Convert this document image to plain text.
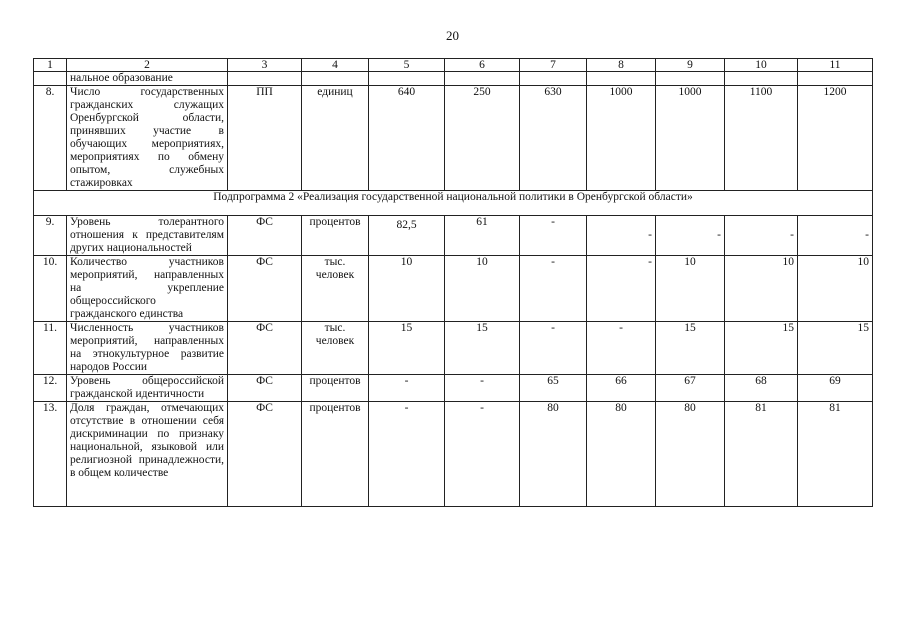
20
1	2	3	4	5	6	7	8	9	10	11
	нальное образование									
8.	Число государственных гражданских служащих Оренбургской области, принявших участие в обучающих мероприятиях, мероприятиях по обмену опытом, служебных стажировках	ПП	единиц	640	250	630	1000	1000	1100	1200
Подпрограмма 2 «Реализация государственной национальной политики в Оренбургской области»										
9.	Уровень толерантного отношения к представителям других национальностей	ФС	процентов	82,5	61	-	-	-	-	-
10.	Количество участников мероприятий, направленных на укрепление общероссийского гражданского единства	ФС	тыс. человек	10	10	-	-	10	10	10
11.	Численность участников мероприятий, направленных на этнокультурное развитие народов России	ФС	тыс. человек	15	15	-	-	15	15	15
12.	Уровень общероссийской гражданской идентичности	ФС	процентов	-	-	65	66	67	68	69
13.	Доля граждан, отмечающих отсутствие в отношении себя дискриминации по признаку национальной, языковой или религиозной принадлежности, в общем количестве	ФС	процентов	-	-	80	80	80	81	81
